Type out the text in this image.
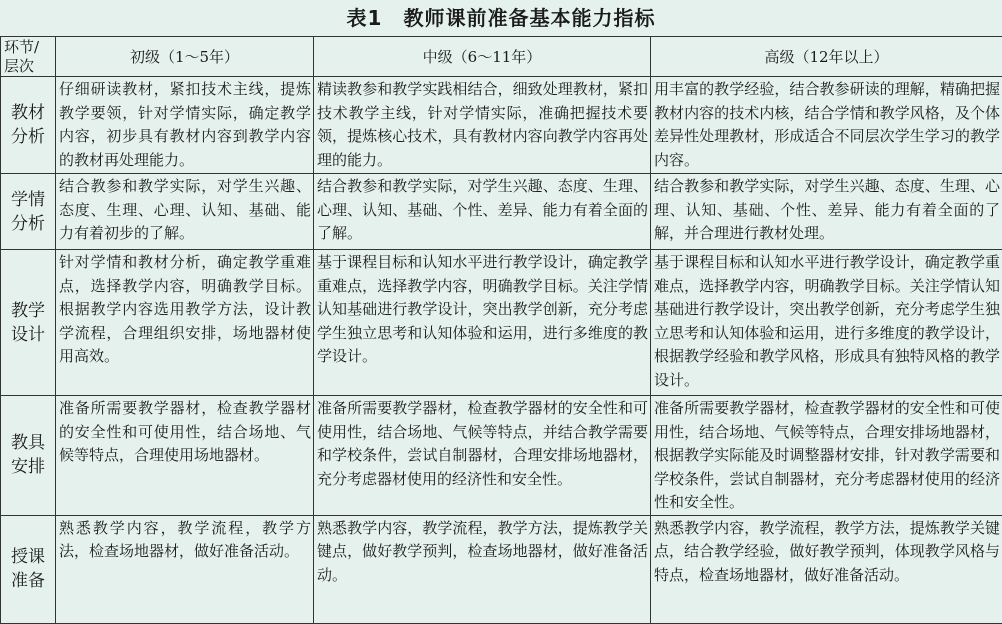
表1　教师课前准备基本能力指标
环节/
层次	初级（1～5年）	中级（6～11年）	高级（12年以上）
教材
分析	仔细研读教材，紧扣技术主线，提炼教学要领，针对学情实际，确定教学内容，初步具有教材内容到教学内容的教材再处理能力。	精读教参和教学实践相结合，细致处理教材，紧扣技术教学主线，针对学情实际，准确把握技术要领，提炼核心技术，具有教材内容向教学内容再处理的能力。	用丰富的教学经验，结合教参研读的理解，精确把握教材内容的技术内核，结合学情和教学风格，及个体差异性处理教材，形成适合不同层次学生学习的教学内容。
学情
分析	结合教参和教学实际，对学生兴趣、态度、生理、心理、认知、基础、能力有着初步的了解。	结合教参和教学实际，对学生兴趣、态度、生理、心理、认知、基础、个性、差异、能力有着全面的了解。	结合教参和教学实际，对学生兴趣、态度、生理、心理、认知、基础、个性、差异、能力有着全面的了解，并合理进行教材处理。
教学
设计	针对学情和教材分析，确定教学重难点，选择教学内容，明确教学目标。根据教学内容选用教学方法，设计教学流程，合理组织安排，场地器材使用高效。	基于课程目标和认知水平进行教学设计，确定教学重难点，选择教学内容，明确教学目标。关注学情认知基础进行教学设计，突出教学创新，充分考虑学生独立思考和认知体验和运用，进行多维度的教学设计。	基于课程目标和认知水平进行教学设计，确定教学重难点，选择教学内容，明确教学目标。关注学情认知基础进行教学设计，突出教学创新，充分考虑学生独立思考和认知体验和运用，进行多维度的教学设计，根据教学经验和教学风格，形成具有独特风格的教学设计。
教具
安排	准备所需要教学器材，检查教学器材的安全性和可使用性，结合场地、气候等特点，合理使用场地器材。	准备所需要教学器材，检查教学器材的安全性和可使用性，结合场地、气候等特点，并结合教学需要和学校条件，尝试自制器材，合理安排场地器材，充分考虑器材使用的经济性和安全性。	准备所需要教学器材，检查教学器材的安全性和可使用性，结合场地、气候等特点，合理安排场地器材，根据教学实际能及时调整器材安排，针对教学需要和学校条件，尝试自制器材，充分考虑器材使用的经济性和安全性。
授课
准备	熟悉教学内容，教学流程，教学方法，检查场地器材，做好准备活动。	熟悉教学内容，教学流程，教学方法，提炼教学关键点，做好教学预判，检查场地器材，做好准备活动。	熟悉教学内容，教学流程，教学方法，提炼教学关键点，结合教学经验，做好教学预判，体现教学风格与特点，检查场地器材，做好准备活动。
